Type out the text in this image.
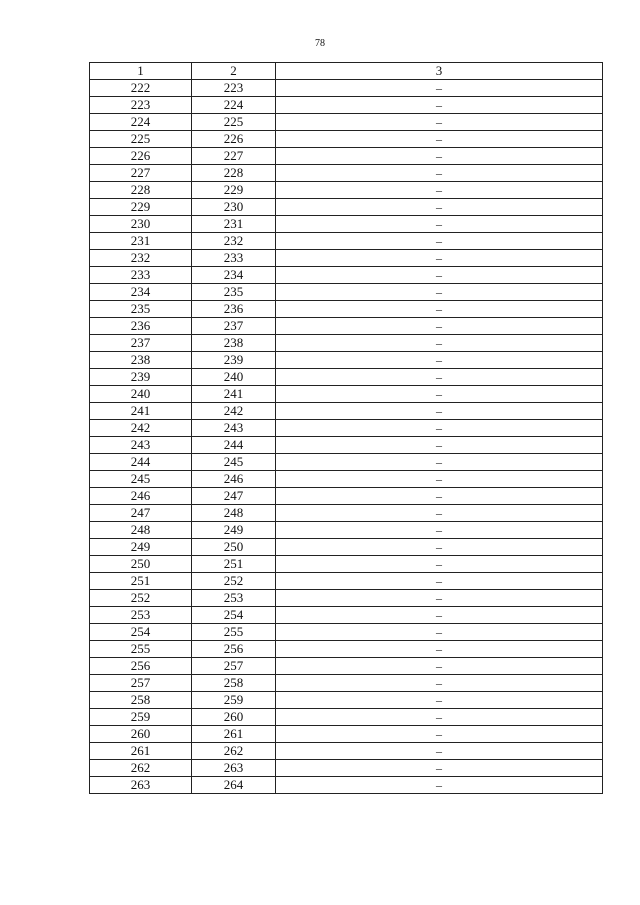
78
1	2	3
222	223	–
223	224	–
224	225	–
225	226	–
226	227	–
227	228	–
228	229	–
229	230	–
230	231	–
231	232	–
232	233	–
233	234	–
234	235	–
235	236	–
236	237	–
237	238	–
238	239	–
239	240	–
240	241	–
241	242	–
242	243	–
243	244	–
244	245	–
245	246	–
246	247	–
247	248	–
248	249	–
249	250	–
250	251	–
251	252	–
252	253	–
253	254	–
254	255	–
255	256	–
256	257	–
257	258	–
258	259	–
259	260	–
260	261	–
261	262	–
262	263	–
263	264	–
